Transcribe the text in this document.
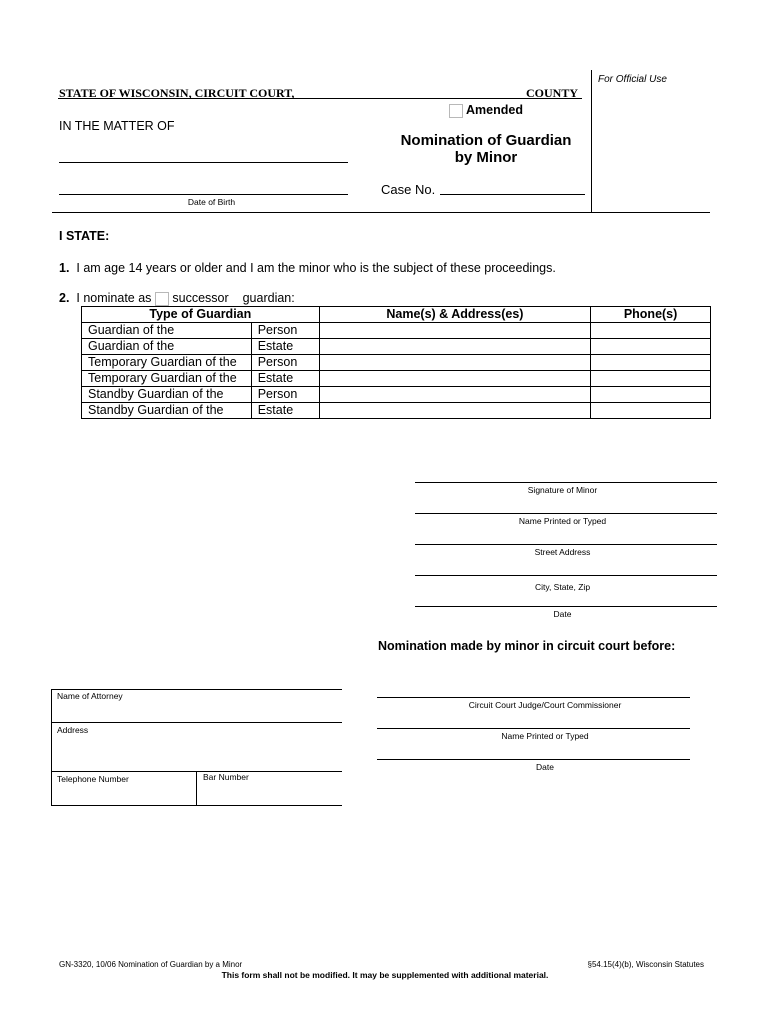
For Official Use
STATE OF WISCONSIN, CIRCUIT COURT,	COUNTY
Amended
IN THE MATTER OF
Nomination of Guardian
by Minor
Date of Birth
Case No.
I STATE:
1. I am age 14 years or older and I am the minor who is the subject of these proceedings.
2. I nominate as successor guardian:
Type of Guardian		Name(s) & Address(es)	Phone(s)
Guardian of the	Person		
Guardian of the	Estate		
Temporary Guardian of the	Person		
Temporary Guardian of the	Estate		
Standby Guardian of the	Person		
Standby Guardian of the	Estate		
Signature of Minor
Name Printed or Typed
Street Address
City, State, Zip
Date
Nomination made by minor in circuit court before:
Name of Attorney
Address
Telephone Number	Bar Number
Circuit Court Judge/Court Commissioner
Name Printed or Typed
Date
GN-3320, 10/06 Nomination of Guardian by a Minor	§54.15(4)(b), Wisconsin Statutes
This form shall not be modified. It may be supplemented with additional material.
